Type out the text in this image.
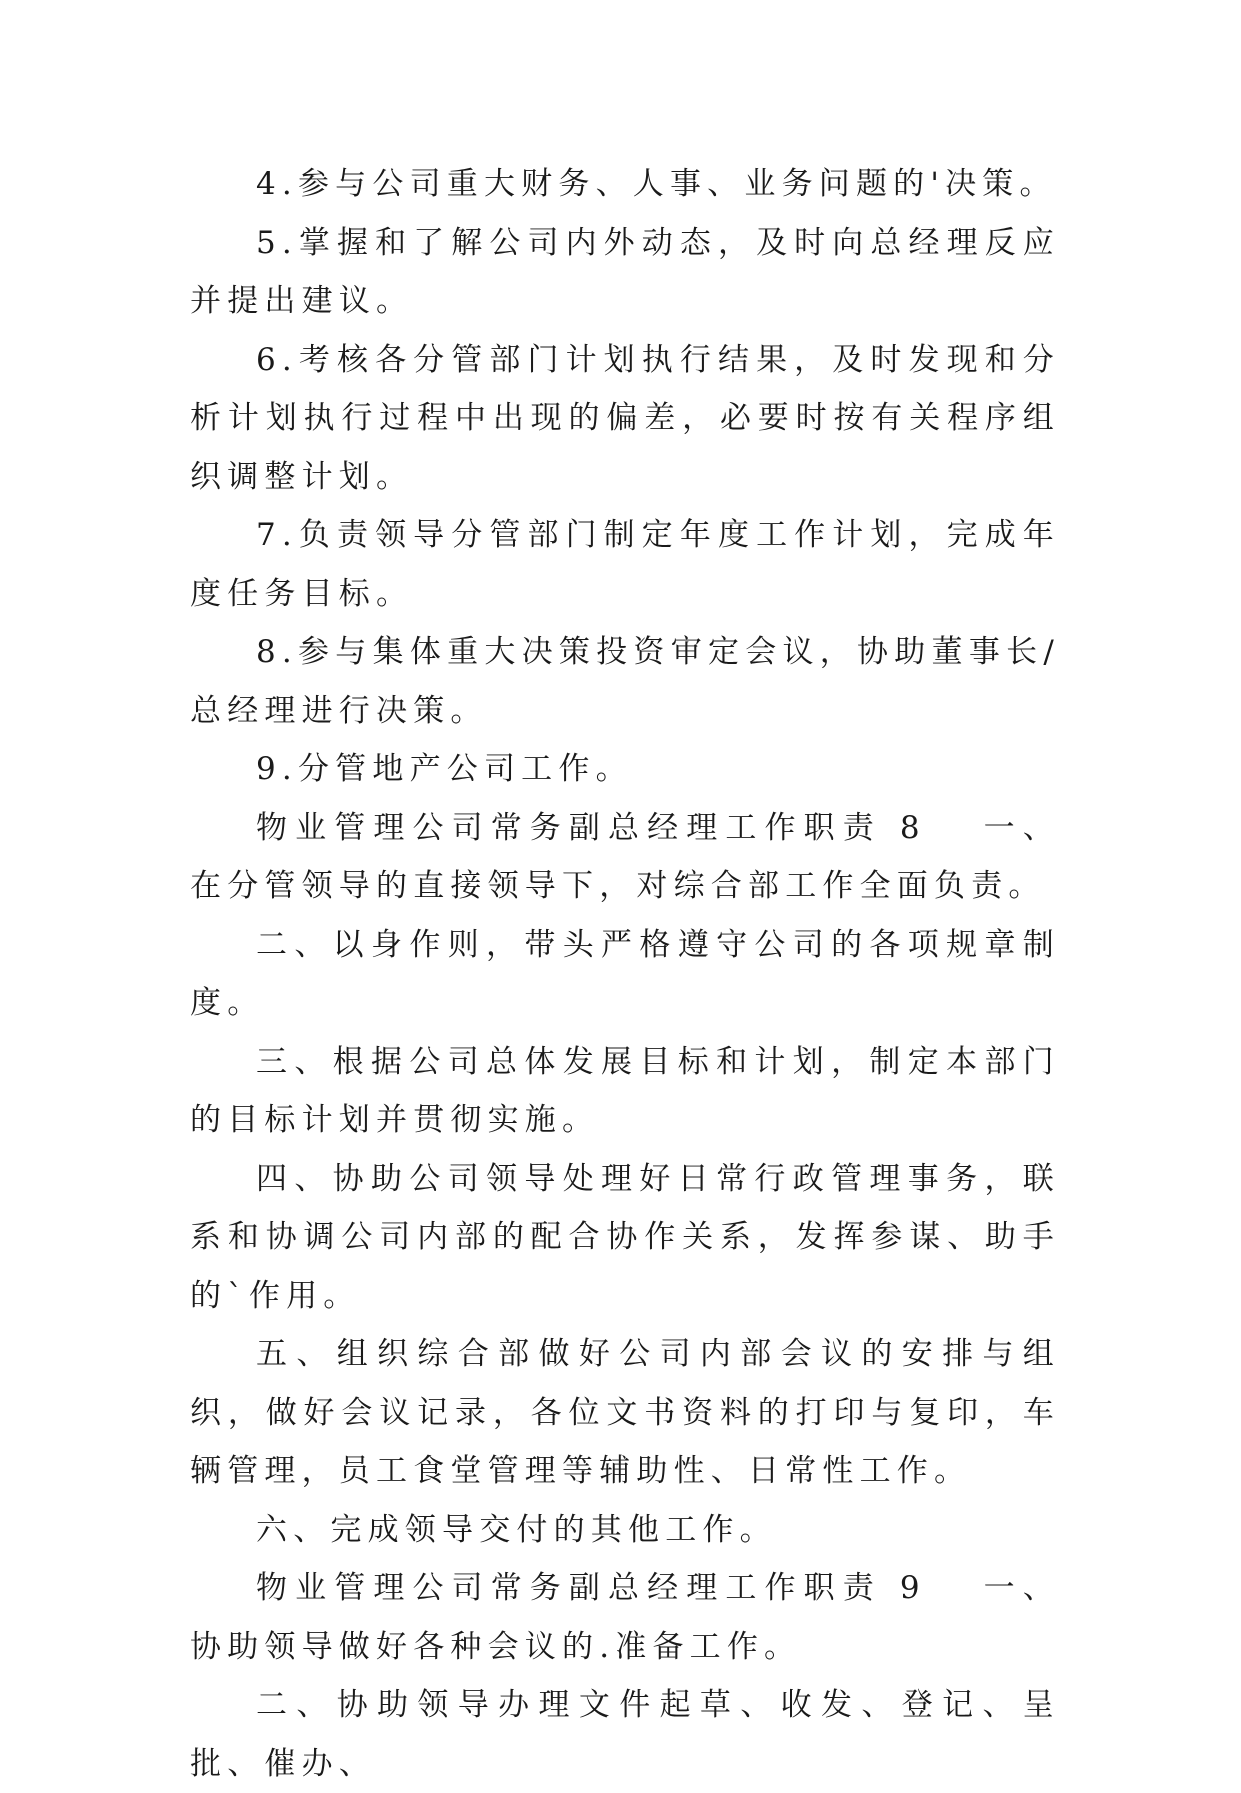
4.参与公司重大财务、人事、业务问题的'决策。

5.掌握和了解公司内外动态，及时向总经理反应并提出建议。

6.考核各分管部门计划执行结果，及时发现和分析计划执行过程中出现的偏差，必要时按有关程序组织调整计划。

7.负责领导分管部门制定年度工作计划，完成年度任务目标。

8.参与集体重大决策投资审定会议，协助董事长/总经理进行决策。

9.分管地产公司工作。

物业管理公司常务副总经理工作职责 8 一、在分管领导的直接领导下，对综合部工作全面负责。

二、以身作则，带头严格遵守公司的各项规章制度。

三、根据公司总体发展目标和计划，制定本部门的目标计划并贯彻实施。

四、协助公司领导处理好日常行政管理事务，联系和协调公司内部的配合协作关系，发挥参谋、助手的`作用。

五、组织综合部做好公司内部会议的安排与组织，做好会议记录，各位文书资料的打印与复印，车辆管理，员工食堂管理等辅助性、日常性工作。

六、完成领导交付的其他工作。

物业管理公司常务副总经理工作职责 9 一、协助领导做好各种会议的.准备工作。

二、协助领导办理文件起草、收发、登记、呈批、催办、
